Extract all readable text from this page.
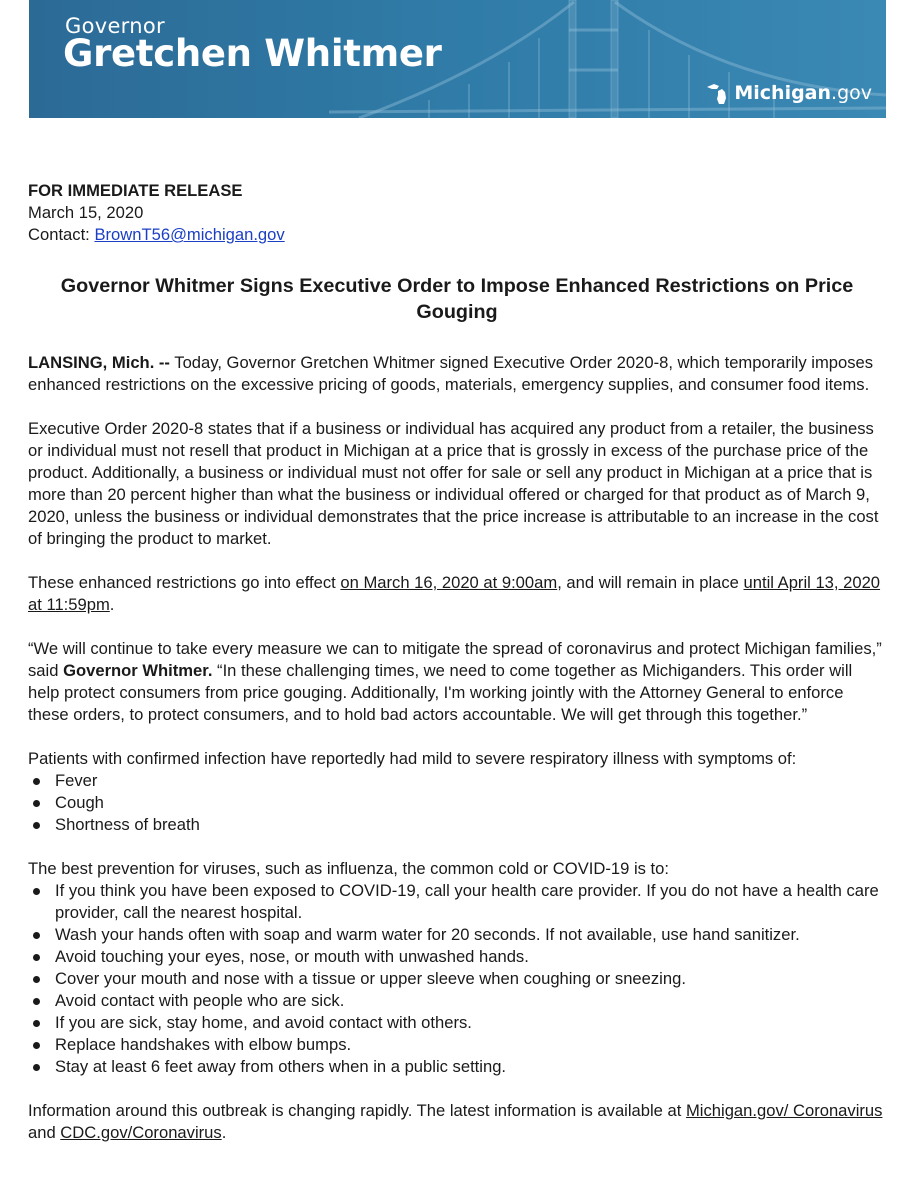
Governor
Gretchen Whitmer
Michigan .gov

FOR IMMEDIATE RELEASE

March 15, 2020

Contact: BrownT56@michigan.gov

Governor Whitmer Signs Executive Order to Impose Enhanced Restrictions on Price Gouging

LANSING, Mich. -- Today, Governor Gretchen Whitmer signed Executive Order 2020-8, which temporarily imposes enhanced restrictions on the excessive pricing of goods, materials, emergency supplies, and consumer food items.

Executive Order 2020-8 states that if a business or individual has acquired any product from a retailer, the business or individual must not resell that product in Michigan at a price that is grossly in excess of the purchase price of the product. Additionally, a business or individual must not offer for sale or sell any product in Michigan at a price that is more than 20 percent higher than what the business or individual offered or charged for that product as of March 9, 2020, unless the business or individual demonstrates that the price increase is attributable to an increase in the cost of bringing the product to market.

These enhanced restrictions go into effect on March 16, 2020 at 9:00am, and will remain in place until April 13, 2020 at 11:59pm.

“We will continue to take every measure we can to mitigate the spread of coronavirus and protect Michigan families,” said Governor Whitmer. “In these challenging times, we need to come together as Michiganders. This order will help protect consumers from price gouging. Additionally, I'm working jointly with the Attorney General to enforce these orders, to protect consumers, and to hold bad actors accountable. We will get through this together.”

Patients with confirmed infection have reportedly had mild to severe respiratory illness with symptoms of:
Fever
Cough
Shortness of breath
The best prevention for viruses, such as influenza, the common cold or COVID-19 is to:
If you think you have been exposed to COVID-19, call your health care provider. If you do not have a health care provider, call the nearest hospital.
Wash your hands often with soap and warm water for 20 seconds. If not available, use hand sanitizer.
Avoid touching your eyes, nose, or mouth with unwashed hands.
Cover your mouth and nose with a tissue or upper sleeve when coughing or sneezing.
Avoid contact with people who are sick.
If you are sick, stay home, and avoid contact with others.
Replace handshakes with elbow bumps.
Stay at least 6 feet away from others when in a public setting.

Information around this outbreak is changing rapidly. The latest information is available at Michigan.gov/ Coronavirus and CDC.gov/Coronavirus.
